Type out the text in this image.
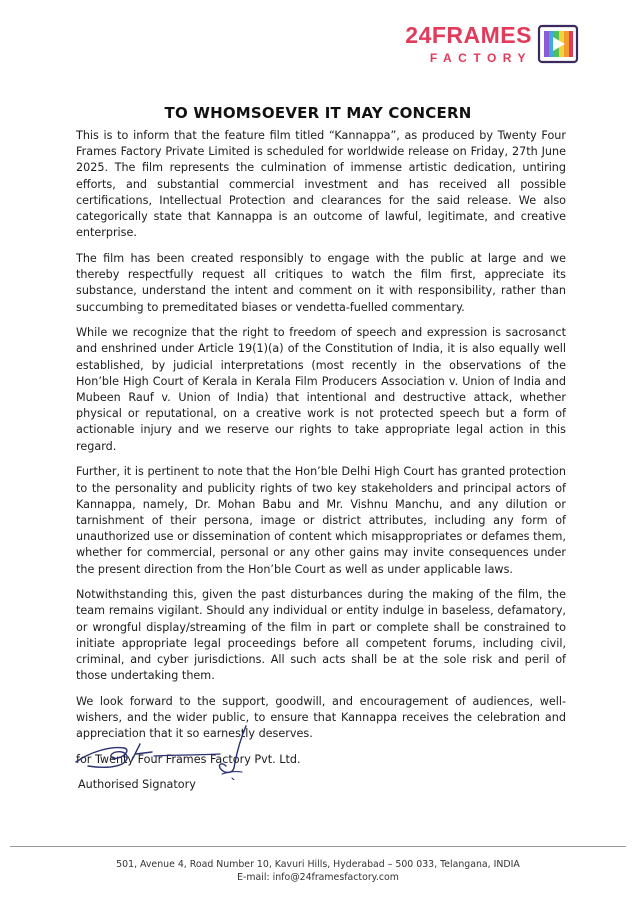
24FRAMES
FACTORY
TO WHOMSOEVER IT MAY CONCERN

This is to inform that the feature film titled “Kannappa”, as produced by Twenty Four Frames Factory Private Limited is scheduled for worldwide release on Friday, 27th June 2025. The film represents the culmination of immense artistic dedication, untiring efforts, and substantial commercial investment and has received all possible certifications, Intellectual Protection and clearances for the said release. We also categorically state that Kannappa is an outcome of lawful, legitimate, and creative enterprise.

The film has been created responsibly to engage with the public at large and we thereby respectfully request all critiques to watch the film first, appreciate its substance, understand the intent and comment on it with responsibility, rather than succumbing to premeditated biases or vendetta-fuelled commentary.

While we recognize that the right to freedom of speech and expression is sacrosanct and enshrined under Article 19(1)(a) of the Constitution of India, it is also equally well established, by judicial interpretations (most recently in the observations of the Hon’ble High Court of Kerala in Kerala Film Producers Association v. Union of India and Mubeen Rauf v. Union of India) that intentional and destructive attack, whether physical or reputational, on a creative work is not protected speech but a form of actionable injury and we reserve our rights to take appropriate legal action in this regard.

Further, it is pertinent to note that the Hon’ble Delhi High Court has granted protection to the personality and publicity rights of two key stakeholders and principal actors of Kannappa, namely, Dr. Mohan Babu and Mr. Vishnu Manchu, and any dilution or tarnishment of their persona, image or district attributes, including any form of unauthorized use or dissemination of content which misappropriates or defames them, whether for commercial, personal or any other gains may invite consequences under the present direction from the Hon’ble Court as well as under applicable laws.

Notwithstanding this, given the past disturbances during the making of the film, the team remains vigilant. Should any individual or entity indulge in baseless, defamatory, or wrongful display/streaming of the film in part or complete shall be constrained to initiate appropriate legal proceedings before all competent forums, including civil, criminal, and cyber jurisdictions. All such acts shall be at the sole risk and peril of those undertaking them.

We look forward to the support, goodwill, and encouragement of audiences, well-wishers, and the wider public, to ensure that Kannappa receives the celebration and appreciation that it so earnestly deserves.

for Twenty Four Frames Factory Pvt. Ltd.

Authorised Signatory
501, Avenue 4, Road Number 10, Kavuri Hills, Hyderabad – 500 033, Telangana, INDIA
E-mail: info@24framesfactory.com
